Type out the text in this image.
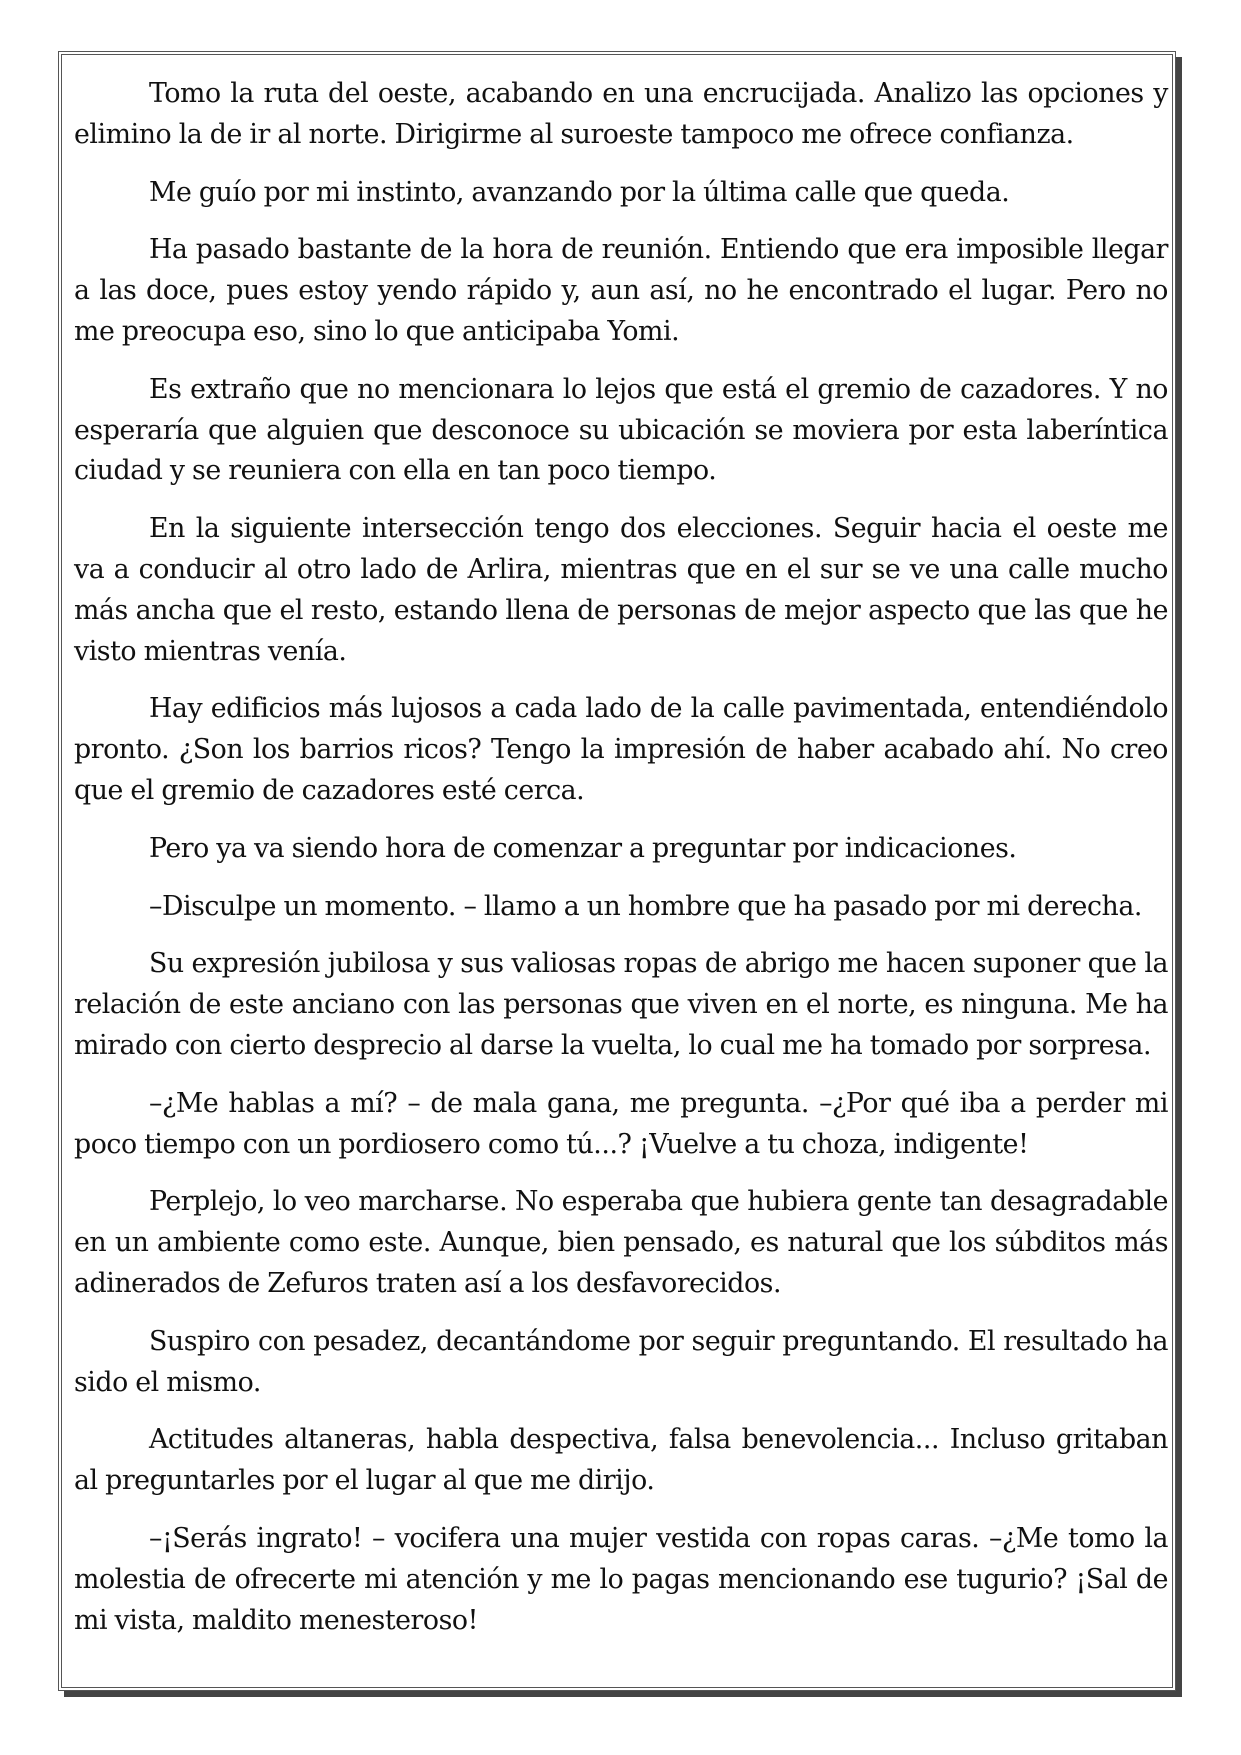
Tomo la ruta del oeste, acabando en una encrucijada. Analizo las opciones y elimino la de ir al norte. Dirigirme al suroeste tampoco me ofrece confianza.

Me guío por mi instinto, avanzando por la última calle que queda.

Ha pasado bastante de la hora de reunión. Entiendo que era imposible llegar a las doce, pues estoy yendo rápido y, aun así, no he encontrado el lugar. Pero no me preocupa eso, sino lo que anticipaba Yomi.

Es extraño que no mencionara lo lejos que está el gremio de cazadores. Y no esperaría que alguien que desconoce su ubicación se moviera por esta laberíntica ciudad y se reuniera con ella en tan poco tiempo.

En la siguiente intersección tengo dos elecciones. Seguir hacia el oeste me va a conducir al otro lado de Arlira, mientras que en el sur se ve una calle mucho más ancha que el resto, estando llena de personas de mejor aspecto que las que he visto mientras venía.

Hay edificios más lujosos a cada lado de la calle pavimentada, entendiéndolo pronto. ¿Son los barrios ricos? Tengo la impresión de haber acabado ahí. No creo que el gremio de cazadores esté cerca.

Pero ya va siendo hora de comenzar a preguntar por indicaciones.

–Disculpe un momento. – llamo a un hombre que ha pasado por mi derecha.

Su expresión jubilosa y sus valiosas ropas de abrigo me hacen suponer que la relación de este anciano con las personas que viven en el norte, es ninguna. Me ha mirado con cierto desprecio al darse la vuelta, lo cual me ha tomado por sorpresa.

–¿Me hablas a mí? – de mala gana, me pregunta. –¿Por qué iba a perder mi poco tiempo con un pordiosero como tú...? ¡Vuelve a tu choza, indigente!

Perplejo, lo veo marcharse. No esperaba que hubiera gente tan desagradable en un ambiente como este. Aunque, bien pensado, es natural que los súbditos más adinerados de Zefuros traten así a los desfavorecidos.

Suspiro con pesadez, decantándome por seguir preguntando. El resultado ha sido el mismo.

Actitudes altaneras, habla despectiva, falsa benevolencia... Incluso gritaban al preguntarles por el lugar al que me dirijo.

–¡Serás ingrato! – vocifera una mujer vestida con ropas caras. –¿Me tomo la molestia de ofrecerte mi atención y me lo pagas mencionando ese tugurio? ¡Sal de mi vista, maldito menesteroso!
